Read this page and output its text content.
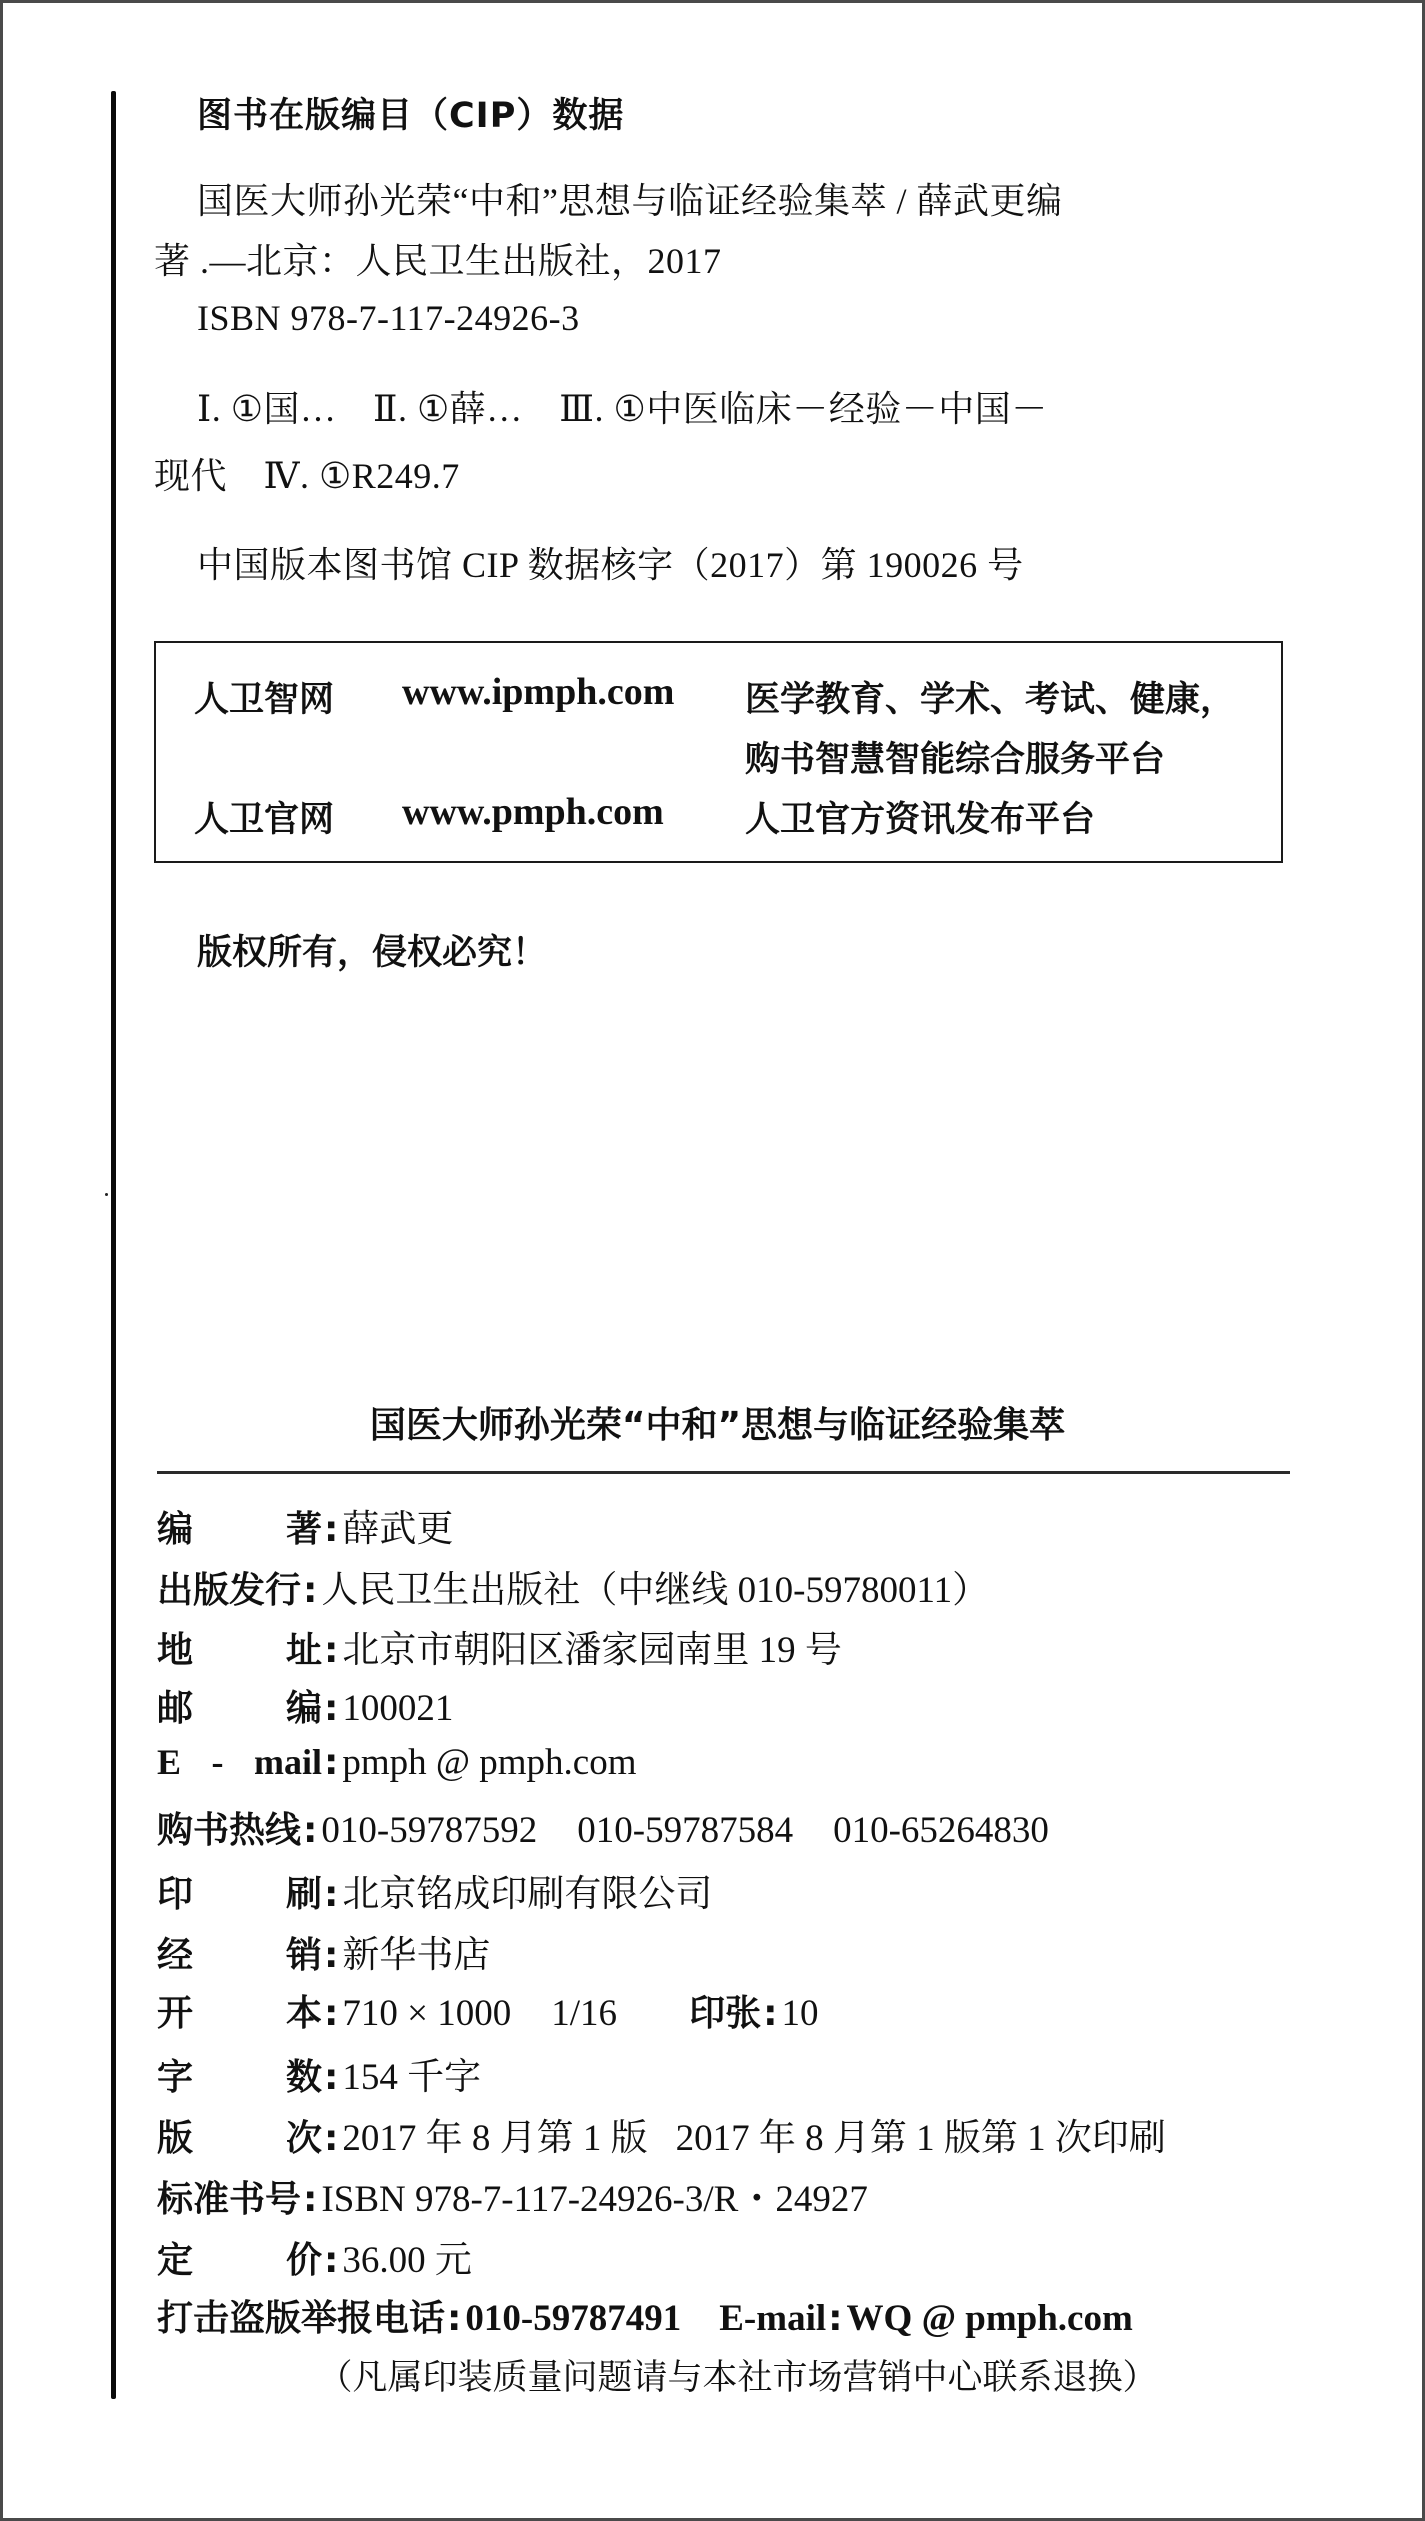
图书在版编目（CIP）数据
国医大师孙光荣“中和”思想与临证经验集萃 / 薛武更编
著 .—北京：人民卫生出版社，2017
ISBN 978-7-117-24926-3
Ⅰ. ①国…　Ⅱ. ①薛…　Ⅲ. ①中医临床－经验－中国－
现代　Ⅳ. ①R249.7
中国版本图书馆 CIP 数据核字（2017）第 190026 号
人卫智网 www.ipmph.com 医学教育、学术、考试、健康，
购书智慧智能综合服务平台
人卫官网 www.pmph.com 人卫官方资讯发布平台
版权所有，侵权必究！
国医大师孙光荣“中和”思想与临证经验集萃
编	著 : 薛武更
出版发行 : 人民卫生出版社（中继线 010-59780011）
地	址 : 北京市朝阳区潘家园南里 19 号
邮	编 : 100021
E - mail : pmph @ pmph.com
购书热线 : 010-59787592 010-59787584 010-65264830
印	刷 : 北京铭成印刷有限公司
经	销 : 新华书店
开	本 : 710 × 1000 1/16 印张 : 10
字	数 : 154 千字
版	次 : 2017 年 8 月第 1 版 2017 年 8 月第 1 版第 1 次印刷
标准书号 : ISBN 978-7-117-24926-3/R・24927
定	价 : 36.00 元
打击盗版举报电话 : 010-59787491 E-mail : WQ @ pmph.com
（凡属印装质量问题请与本社市场营销中心联系退换）
